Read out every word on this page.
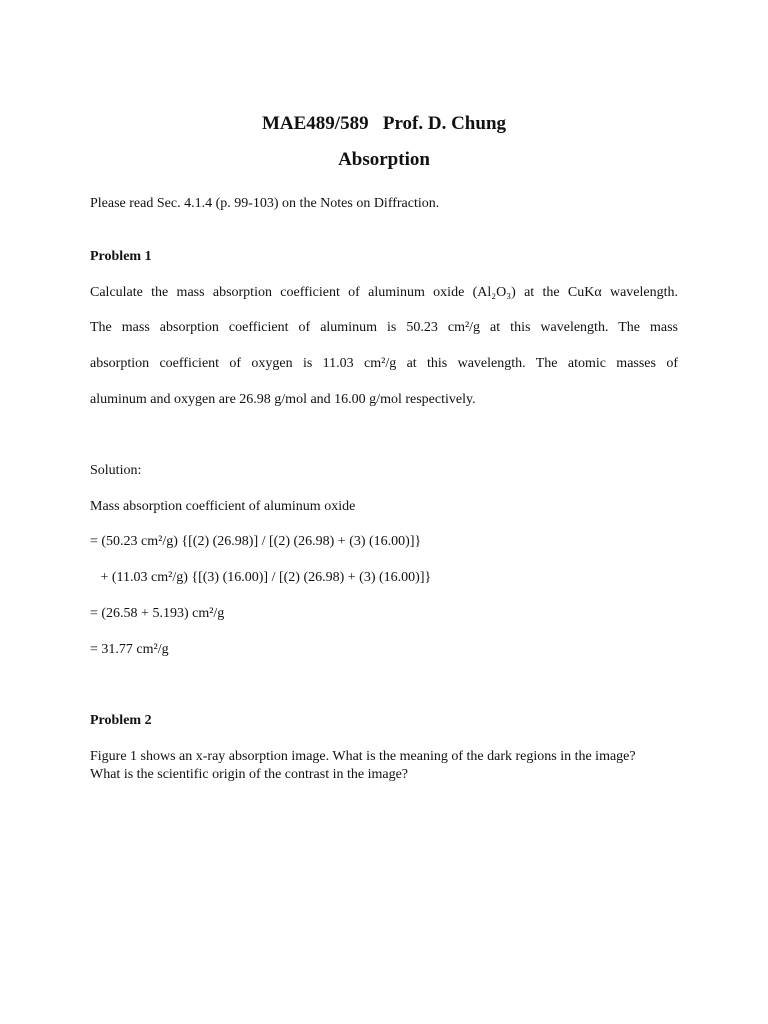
MAE489/589   Prof. D. Chung
Absorption
Please read Sec. 4.1.4 (p. 99-103) on the Notes on Diffraction.
Problem 1
Calculate the mass absorption coefficient of aluminum oxide (Al₂O₃) at the CuKα wavelength.
The mass absorption coefficient of aluminum is 50.23 cm²/g at this wavelength. The mass
absorption coefficient of oxygen is 11.03 cm²/g at this wavelength. The atomic masses of
aluminum and oxygen are 26.98 g/mol and 16.00 g/mol respectively.
Solution:
Mass absorption coefficient of aluminum oxide
= (50.23 cm²/g) {[(2) (26.98)] / [(2) (26.98) + (3) (16.00)]}
+ (11.03 cm²/g) {[(3) (16.00)] / [(2) (26.98) + (3) (16.00)]}
= (26.58 + 5.193) cm²/g
= 31.77 cm²/g
Problem 2
Figure 1 shows an x-ray absorption image. What is the meaning of the dark regions in the image?
What is the scientific origin of the contrast in the image?
